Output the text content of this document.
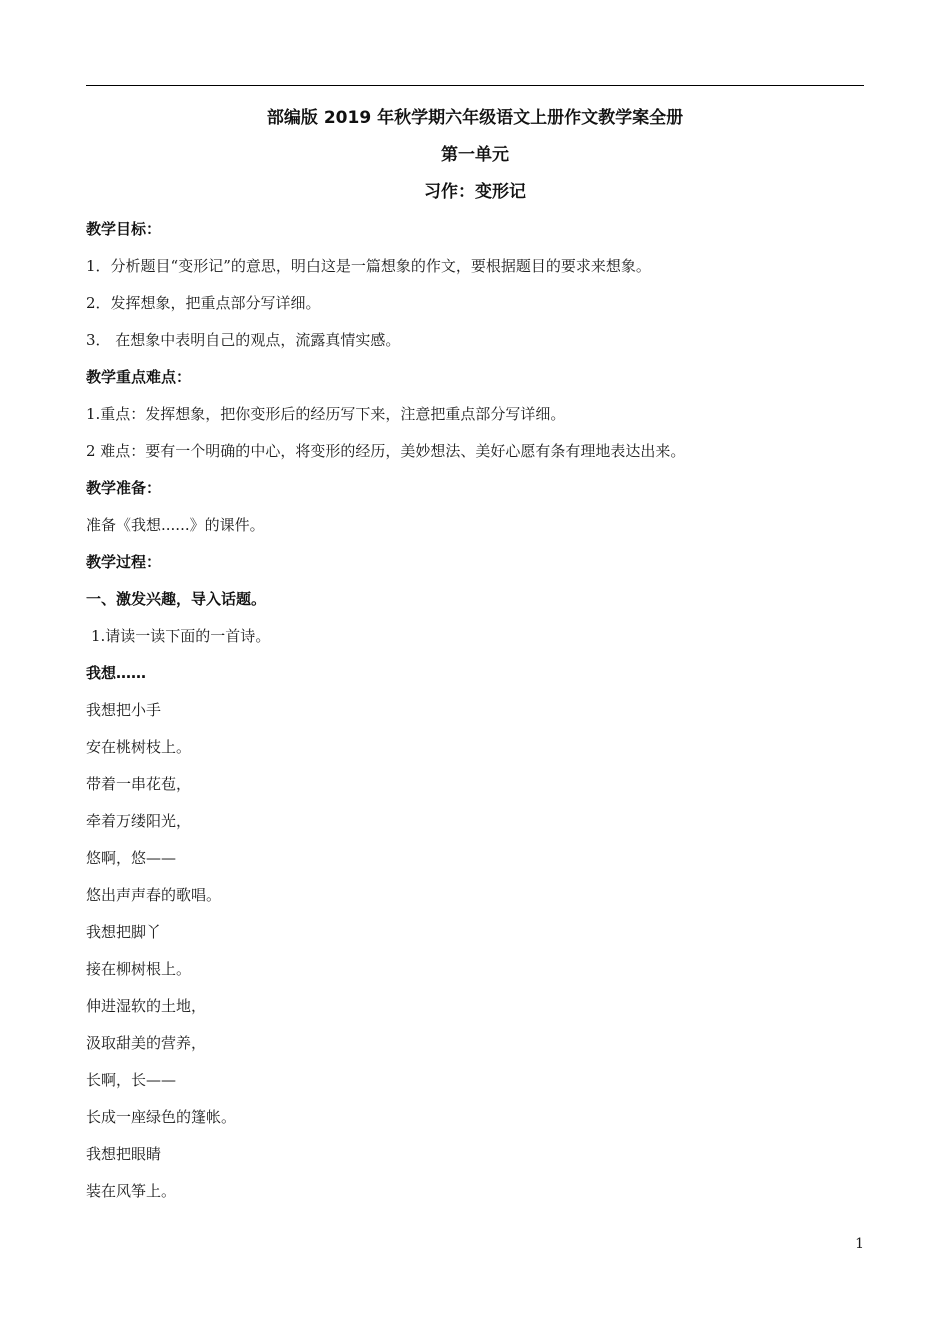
部编版 2019 年秋学期六年级语文上册作文教学案全册
第一单元
习作：变形记
教学目标：
1．分析题目“变形记”的意思，明白这是一篇想象的作文，要根据题目的要求来想象。
2．发挥想象，把重点部分写详细。
3． 在想象中表明自己的观点，流露真情实感。
教学重点难点：
1.重点：发挥想象，把你变形后的经历写下来，注意把重点部分写详细。
2 难点：要有一个明确的中心，将变形的经历，美妙想法、美好心愿有条有理地表达出来。
教学准备：
准备《我想......》的课件。
教学过程：
一、激发兴趣，导入话题。
1.请读一读下面的一首诗。
我想……
我想把小手
安在桃树枝上。
带着一串花苞，
牵着万缕阳光，
悠啊，悠——
悠出声声春的歌唱。
我想把脚丫
接在柳树根上。
伸进湿软的土地，
汲取甜美的营养，
长啊，长——
长成一座绿色的篷帐。
我想把眼睛
装在风筝上。
1
